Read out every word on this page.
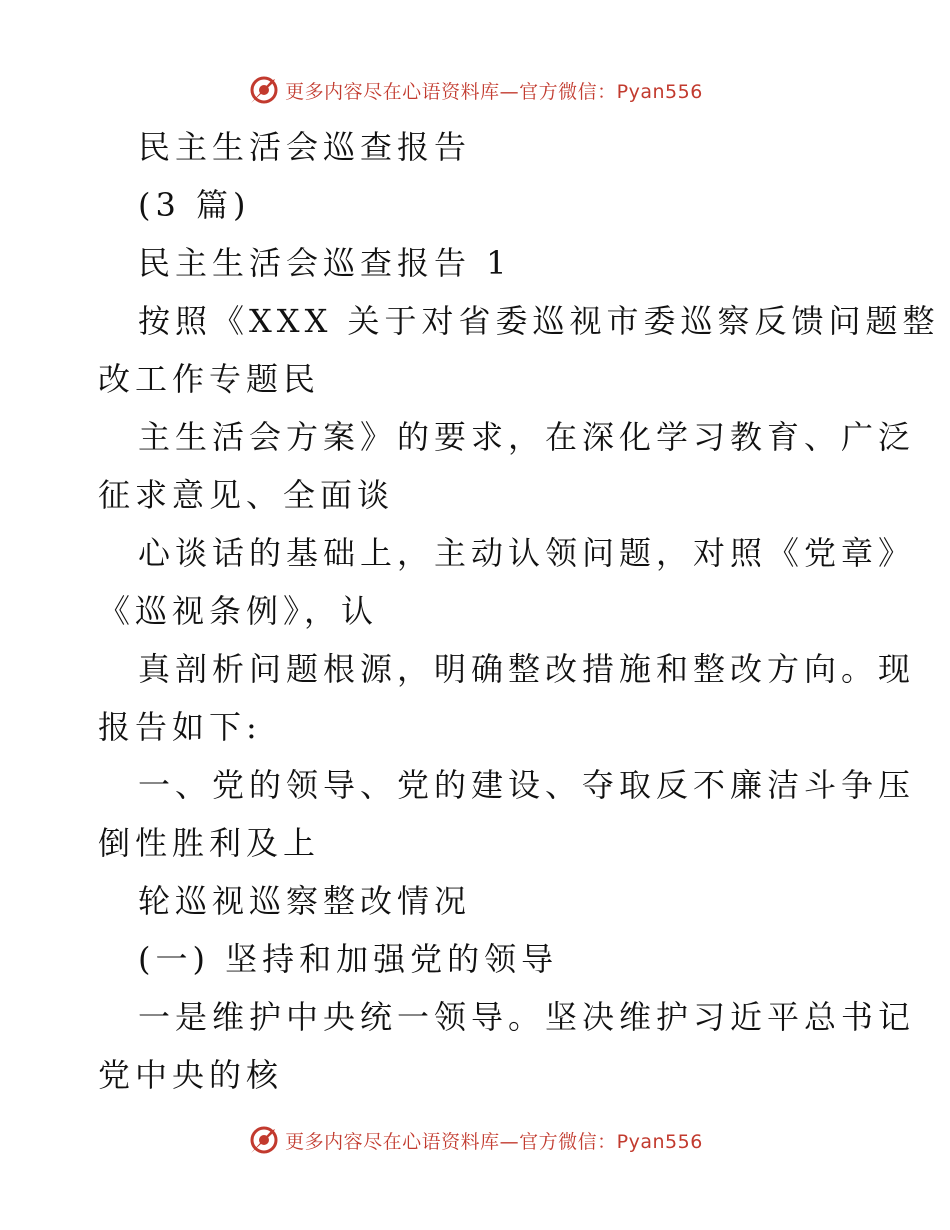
更多内容尽在心语资料库—官方微信：Pyan556
民主生活会巡查报告
(3 篇)
民主生活会巡查报告 1
按照《XXX 关于对省委巡视市委巡察反馈问题整
改工作专题民
主生活会方案》的要求，在深化学习教育、广泛
征求意见、全面谈
心谈话的基础上，主动认领问题，对照《党章》
《巡视条例》，认
真剖析问题根源，明确整改措施和整改方向。现
报告如下:
一、党的领导、党的建设、夺取反不廉洁斗争压
倒性胜利及上
轮巡视巡察整改情况
(一) 坚持和加强党的领导
一是维护中央统一领导。坚决维护习近平总书记
党中央的核
更多内容尽在心语资料库—官方微信：Pyan556
